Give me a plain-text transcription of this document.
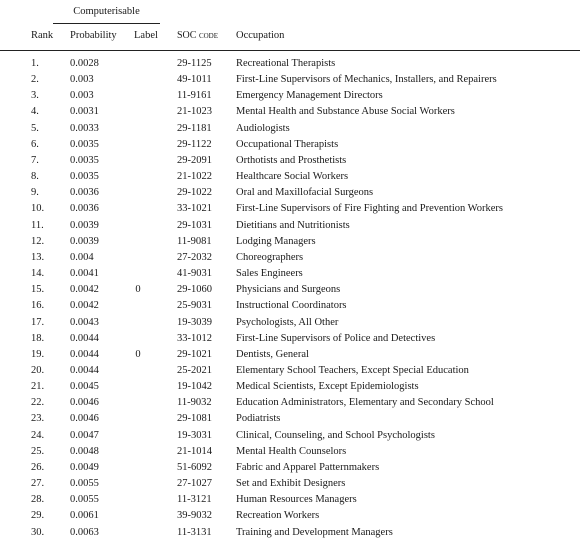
Computerisable
Rank Probability Label SOC code Occupation
1.	0.0028	29-1125 Recreational Therapists
2.	0.003	49-1011 First-Line Supervisors of Mechanics, Installers, and Repairers
3.	0.003	11-9161 Emergency Management Directors
4.	0.0031	21-1023 Mental Health and Substance Abuse Social Workers
5.	0.0033	29-1181 Audiologists
6.	0.0035	29-1122 Occupational Therapists
7.	0.0035	29-2091 Orthotists and Prosthetists
8.	0.0035	21-1022 Healthcare Social Workers
9.	0.0036	29-1022 Oral and Maxillofacial Surgeons
10. 0.0036	33-1021 First-Line Supervisors of Fire Fighting and Prevention Workers
11.	0.0039	29-1031 Dietitians and Nutritionists
12. 0.0039	11-9081 Lodging Managers
13. 0.004	27-2032 Choreographers
14. 0.0041	41-9031 Sales Engineers
15. 0.0042	0	29-1060 Physicians and Surgeons
16. 0.0042	25-9031 Instructional Coordinators
17. 0.0043	19-3039 Psychologists, All Other
18. 0.0044	33-1012 First-Line Supervisors of Police and Detectives
19. 0.0044	0	29-1021 Dentists, General
20. 0.0044	25-2021 Elementary School Teachers, Except Special Education
21. 0.0045	19-1042 Medical Scientists, Except Epidemiologists
22. 0.0046	11-9032 Education Administrators, Elementary and Secondary School
23. 0.0046	29-1081 Podiatrists
24. 0.0047	19-3031 Clinical, Counseling, and School Psychologists
25. 0.0048	21-1014 Mental Health Counselors
26. 0.0049	51-6092 Fabric and Apparel Patternmakers
27. 0.0055	27-1027 Set and Exhibit Designers
28. 0.0055	11-3121 Human Resources Managers
29. 0.0061	39-9032 Recreation Workers
30. 0.0063	11-3131 Training and Development Managers
